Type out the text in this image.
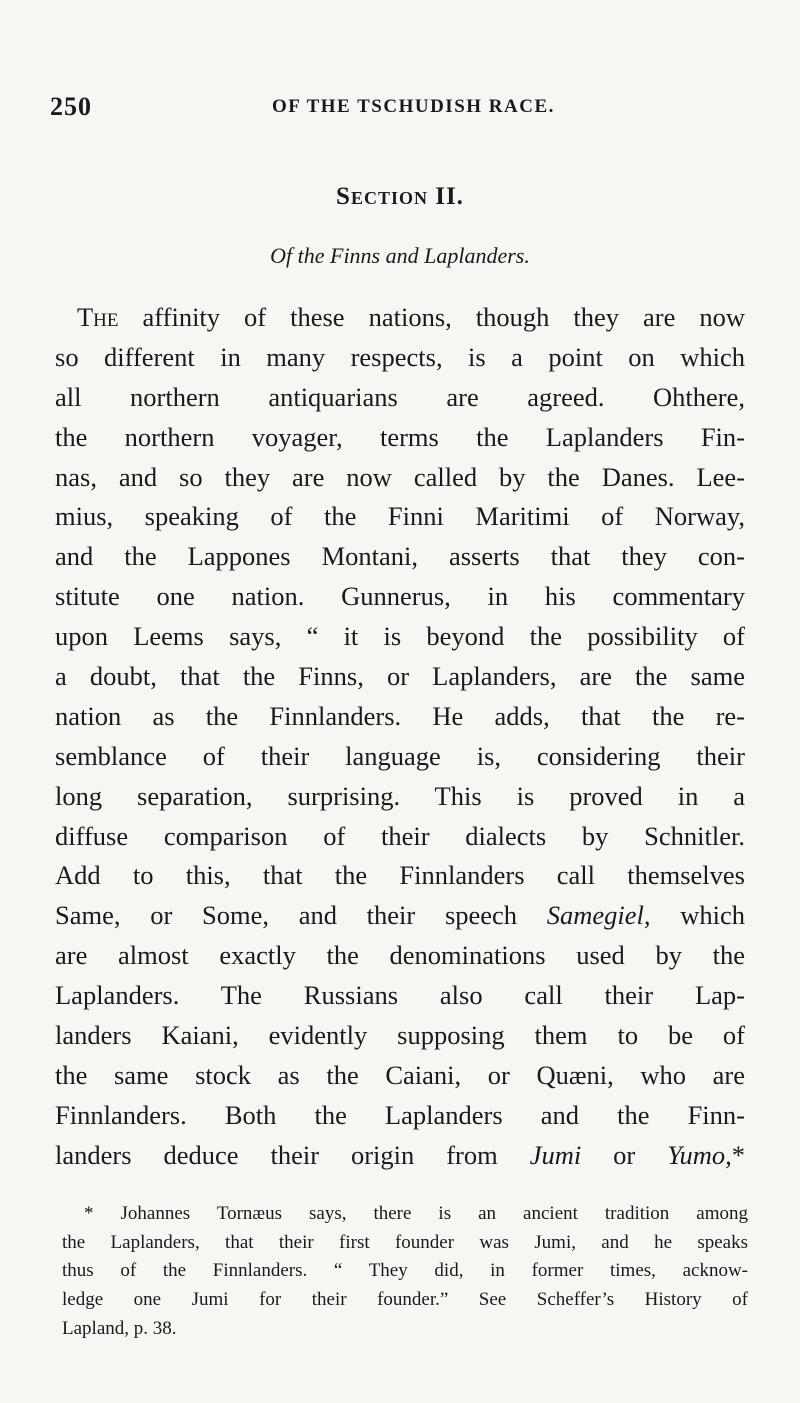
250	OF THE TSCHUDISH RACE.
Section II.
Of the Finns and Laplanders.
The affinity of these nations, though they are now
so different in many respects, is a point on which
all northern antiquarians are agreed. Ohthere,
the northern voyager, terms the Laplanders Fin-
nas, and so they are now called by the Danes. Lee-
mius, speaking of the Finni Maritimi of Norway,
and the Lappones Montani, asserts that they con-
stitute one nation. Gunnerus, in his commentary
upon Leems says, “ it is beyond the possibility of
a doubt, that the Finns, or Laplanders, are the same
nation as the Finnlanders. He adds, that the re-
semblance of their language is, considering their
long separation, surprising. This is proved in a
diffuse comparison of their dialects by Schnitler.
Add to this, that the Finnlanders call themselves
Same, or Some, and their speech Samegiel, which
are almost exactly the denominations used by the
Laplanders. The Russians also call their Lap-
landers Kaiani, evidently supposing them to be of
the same stock as the Caiani, or Quæni, who are
Finnlanders. Both the Laplanders and the Finn-
landers deduce their origin from Jumi or Yumo,*
* Johannes Tornæus says, there is an ancient tradition among
the Laplanders, that their first founder was Jumi, and he speaks
thus of the Finnlanders. “ They did, in former times, acknow-
ledge one Jumi for their founder.” See Scheffer’s History of
Lapland, p. 38.
